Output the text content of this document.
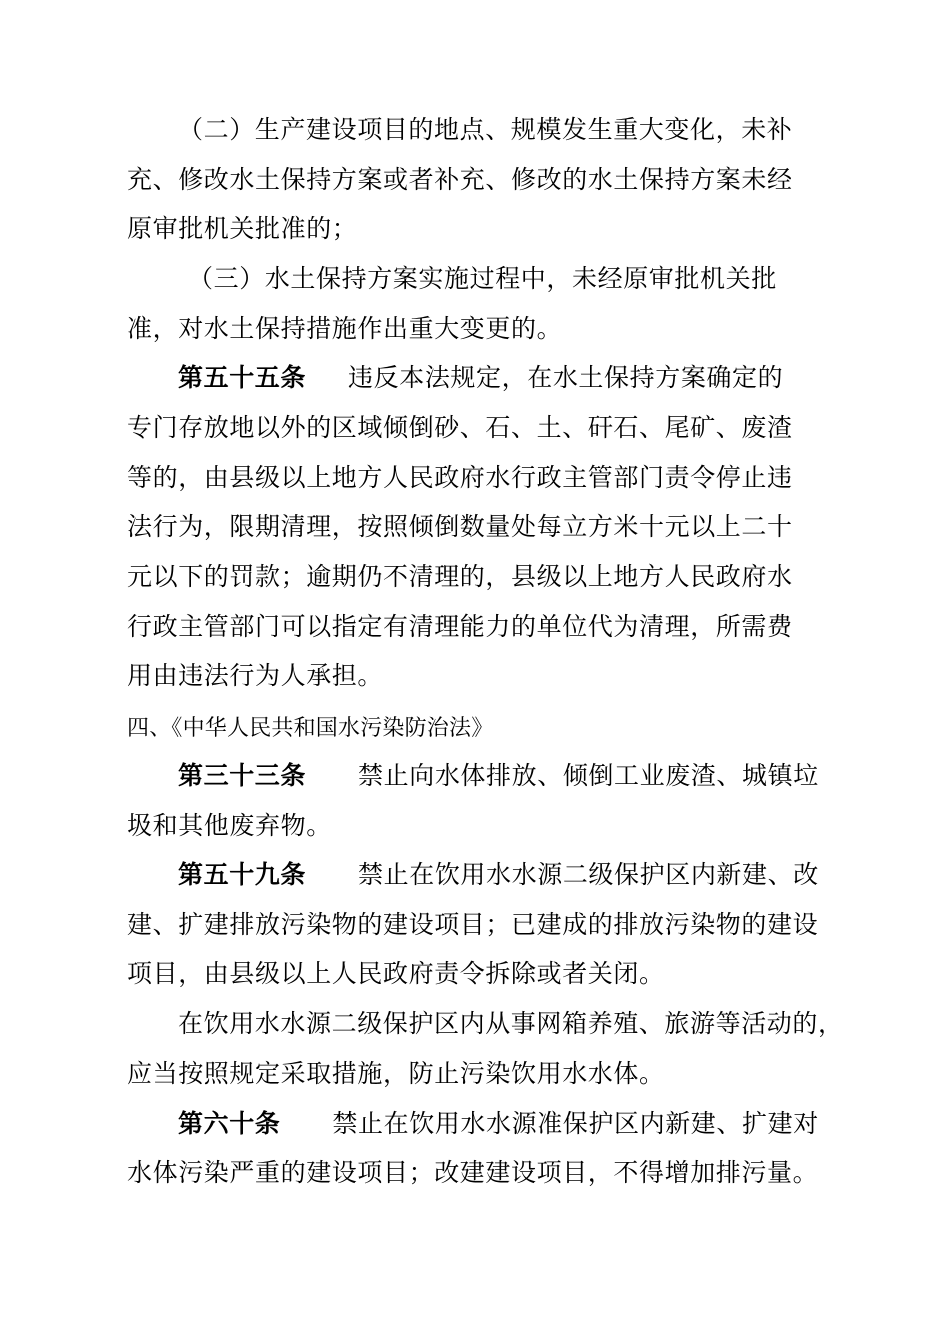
（二）生产建设项目的地点、规模发生重大变化，未补
充、修改水土保持方案或者补充、修改的水土保持方案未经
原审批机关批准的；
（三）水土保持方案实施过程中，未经原审批机关批
准，对水土保持措施作出重大变更的。
第五十五条 违反本法规定，在水土保持方案确定的
专门存放地以外的区域倾倒砂、石、土、矸石、尾矿、废渣
等的，由县级以上地方人民政府水行政主管部门责令停止违
法行为，限期清理，按照倾倒数量处每立方米十元以上二十
元以下的罚款；逾期仍不清理的，县级以上地方人民政府水
行政主管部门可以指定有清理能力的单位代为清理，所需费
用由违法行为人承担。
四、《中华人民共和国水污染防治法》
第三十三条 禁止向水体排放、倾倒工业废渣、城镇垃
圾和其他废弃物。
第五十九条 禁止在饮用水水源二级保护区内新建、改
建、扩建排放污染物的建设项目；已建成的排放污染物的建设
项目，由县级以上人民政府责令拆除或者关闭。
在饮用水水源二级保护区内从事网箱养殖、旅游等活动的，
应当按照规定采取措施，防止污染饮用水水体。
第六十条 禁止在饮用水水源准保护区内新建、扩建对
水体污染严重的建设项目；改建建设项目，不得增加排污量。
